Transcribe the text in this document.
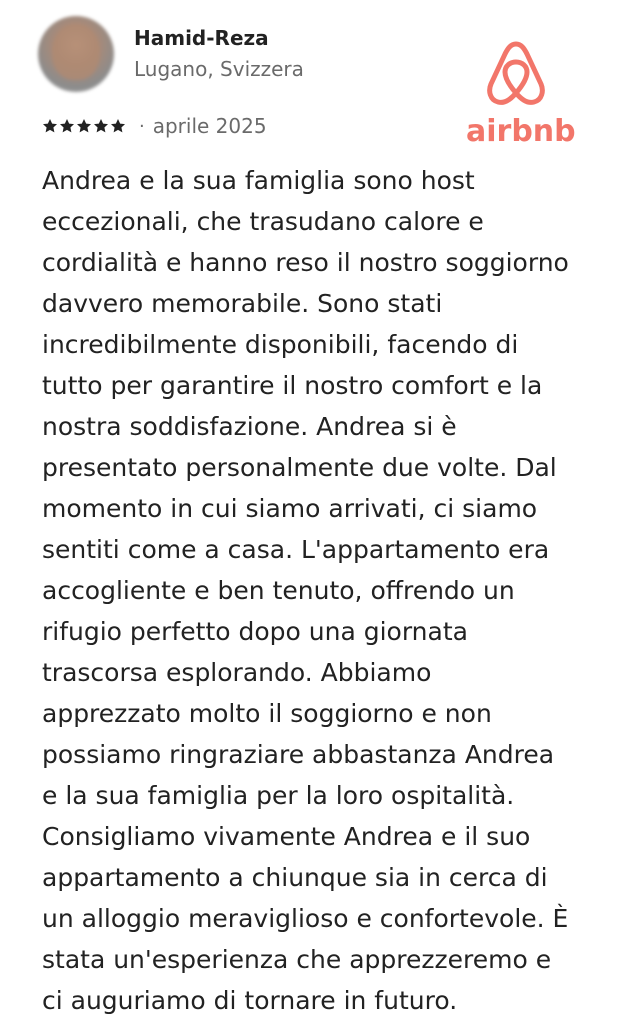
Hamid-Reza
Lugano, Svizzera
· aprile 2025	airbnb
Andrea e la sua famiglia sono host
eccezionali, che trasudano calore e
cordialità e hanno reso il nostro soggiorno
davvero memorabile. Sono stati
incredibilmente disponibili, facendo di
tutto per garantire il nostro comfort e la
nostra soddisfazione. Andrea si è
presentato personalmente due volte. Dal
momento in cui siamo arrivati, ci siamo
sentiti come a casa. L'appartamento era
accogliente e ben tenuto, offrendo un
rifugio perfetto dopo una giornata
trascorsa esplorando. Abbiamo
apprezzato molto il soggiorno e non
possiamo ringraziare abbastanza Andrea
e la sua famiglia per la loro ospitalità.
Consigliamo vivamente Andrea e il suo
appartamento a chiunque sia in cerca di
un alloggio meraviglioso e confortevole. È
stata un'esperienza che apprezzeremo e
ci auguriamo di tornare in futuro.
